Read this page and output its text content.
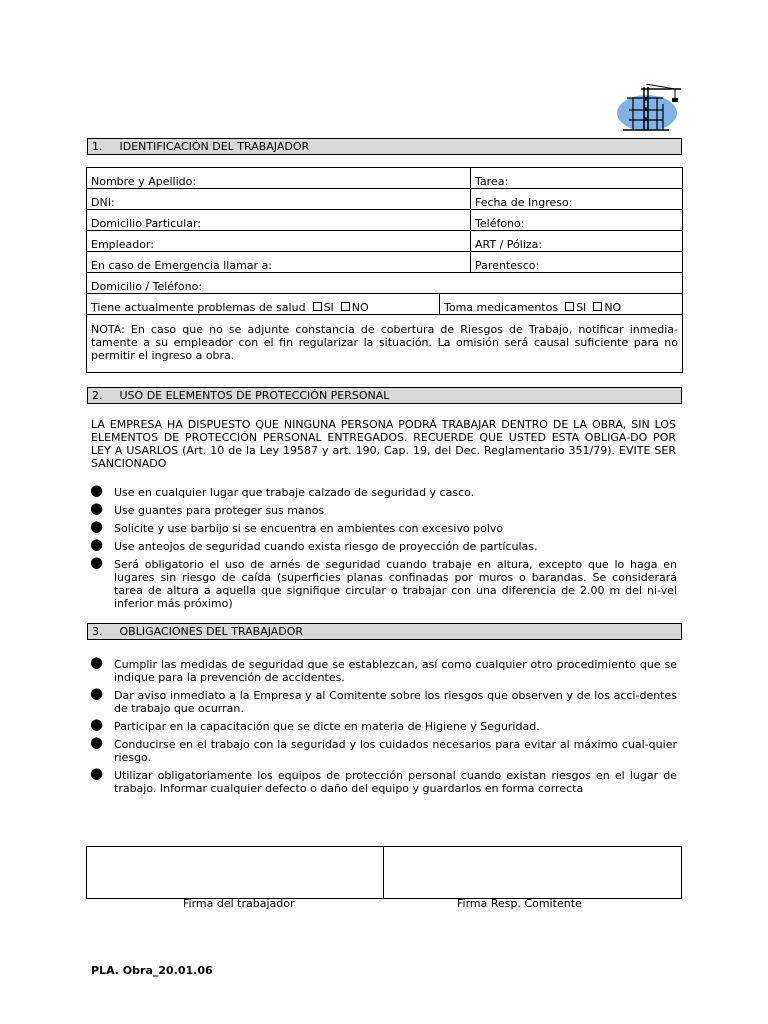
1. IDENTIFICACIÓN DEL TRABAJADOR
Nombre y Apellido:		Tarea:
DNI:		Fecha de Ingreso:
Domicilio Particular:		Teléfono:
Empleador:		ART / Póliza:
En caso de Emergencia llamar a:		Parentesco:
Domicilio / Teléfono:		
Tiene actualmente problemas de salud SI NO	Toma medicamentos SI NO	
NOTA: En caso que no se adjunte constancia de cobertura de Riesgos de Trabajo, notificar inmedia-tamente a su empleador con el fin regularizar la situación. La omisión será causal suficiente para no permitir el ingreso a obra.		
2. USO DE ELEMENTOS DE PROTECCIÓN PERSONAL
LA EMPRESA HA DISPUESTO QUE NINGUNA PERSONA PODRÁ TRABAJAR DENTRO DE LA OBRA, SIN LOS ELEMENTOS DE PROTECCIÓN PERSONAL ENTREGADOS. RECUERDE QUE USTED ESTA OBLIGA-DO POR LEY A USARLOS (Art. 10 de la Ley 19587 y art. 190, Cap. 19, del Dec. Reglamentario 351/79). EVITE SER SANCIONADO
● Use en cualquier lugar que trabaje calzado de seguridad y casco.
● Use guantes para proteger sus manos
● Solicite y use barbijo si se encuentra en ambientes con excesivo polvo
● Use anteojos de seguridad cuando exista riesgo de proyección de partículas.
● Será obligatorio el uso de arnés de seguridad cuando trabaje en altura, excepto que lo haga en lugares sin riesgo de caída (superficies planas confinadas por muros o barandas. Se considerará tarea de altura a aquella que signifique circular o trabajar con una diferencia de 2.00 m del ni-vel inferior más próximo)
3. OBLIGACIONES DEL TRABAJADOR
● Cumplir las medidas de seguridad que se establezcan, así como cualquier otro procedimiento que se indique para la prevención de accidentes.
● Dar aviso inmediato a la Empresa y al Comitente sobre los riesgos que observen y de los acci-dentes de trabajo que ocurran.
● Participar en la capacitación que se dicte en materia de Higiene y Seguridad.
● Conducirse en el trabajo con la seguridad y los cuidados necesarios para evitar al máximo cual-quier riesgo.
● Utilizar obligatoriamente los equipos de protección personal cuando existan riesgos en el lugar de trabajo. Informar cualquier defecto o daño del equipo y guardarlos en forma correcta
Firma del trabajador	Firma Resp. Comitente
PLA. Obra_20.01.06
